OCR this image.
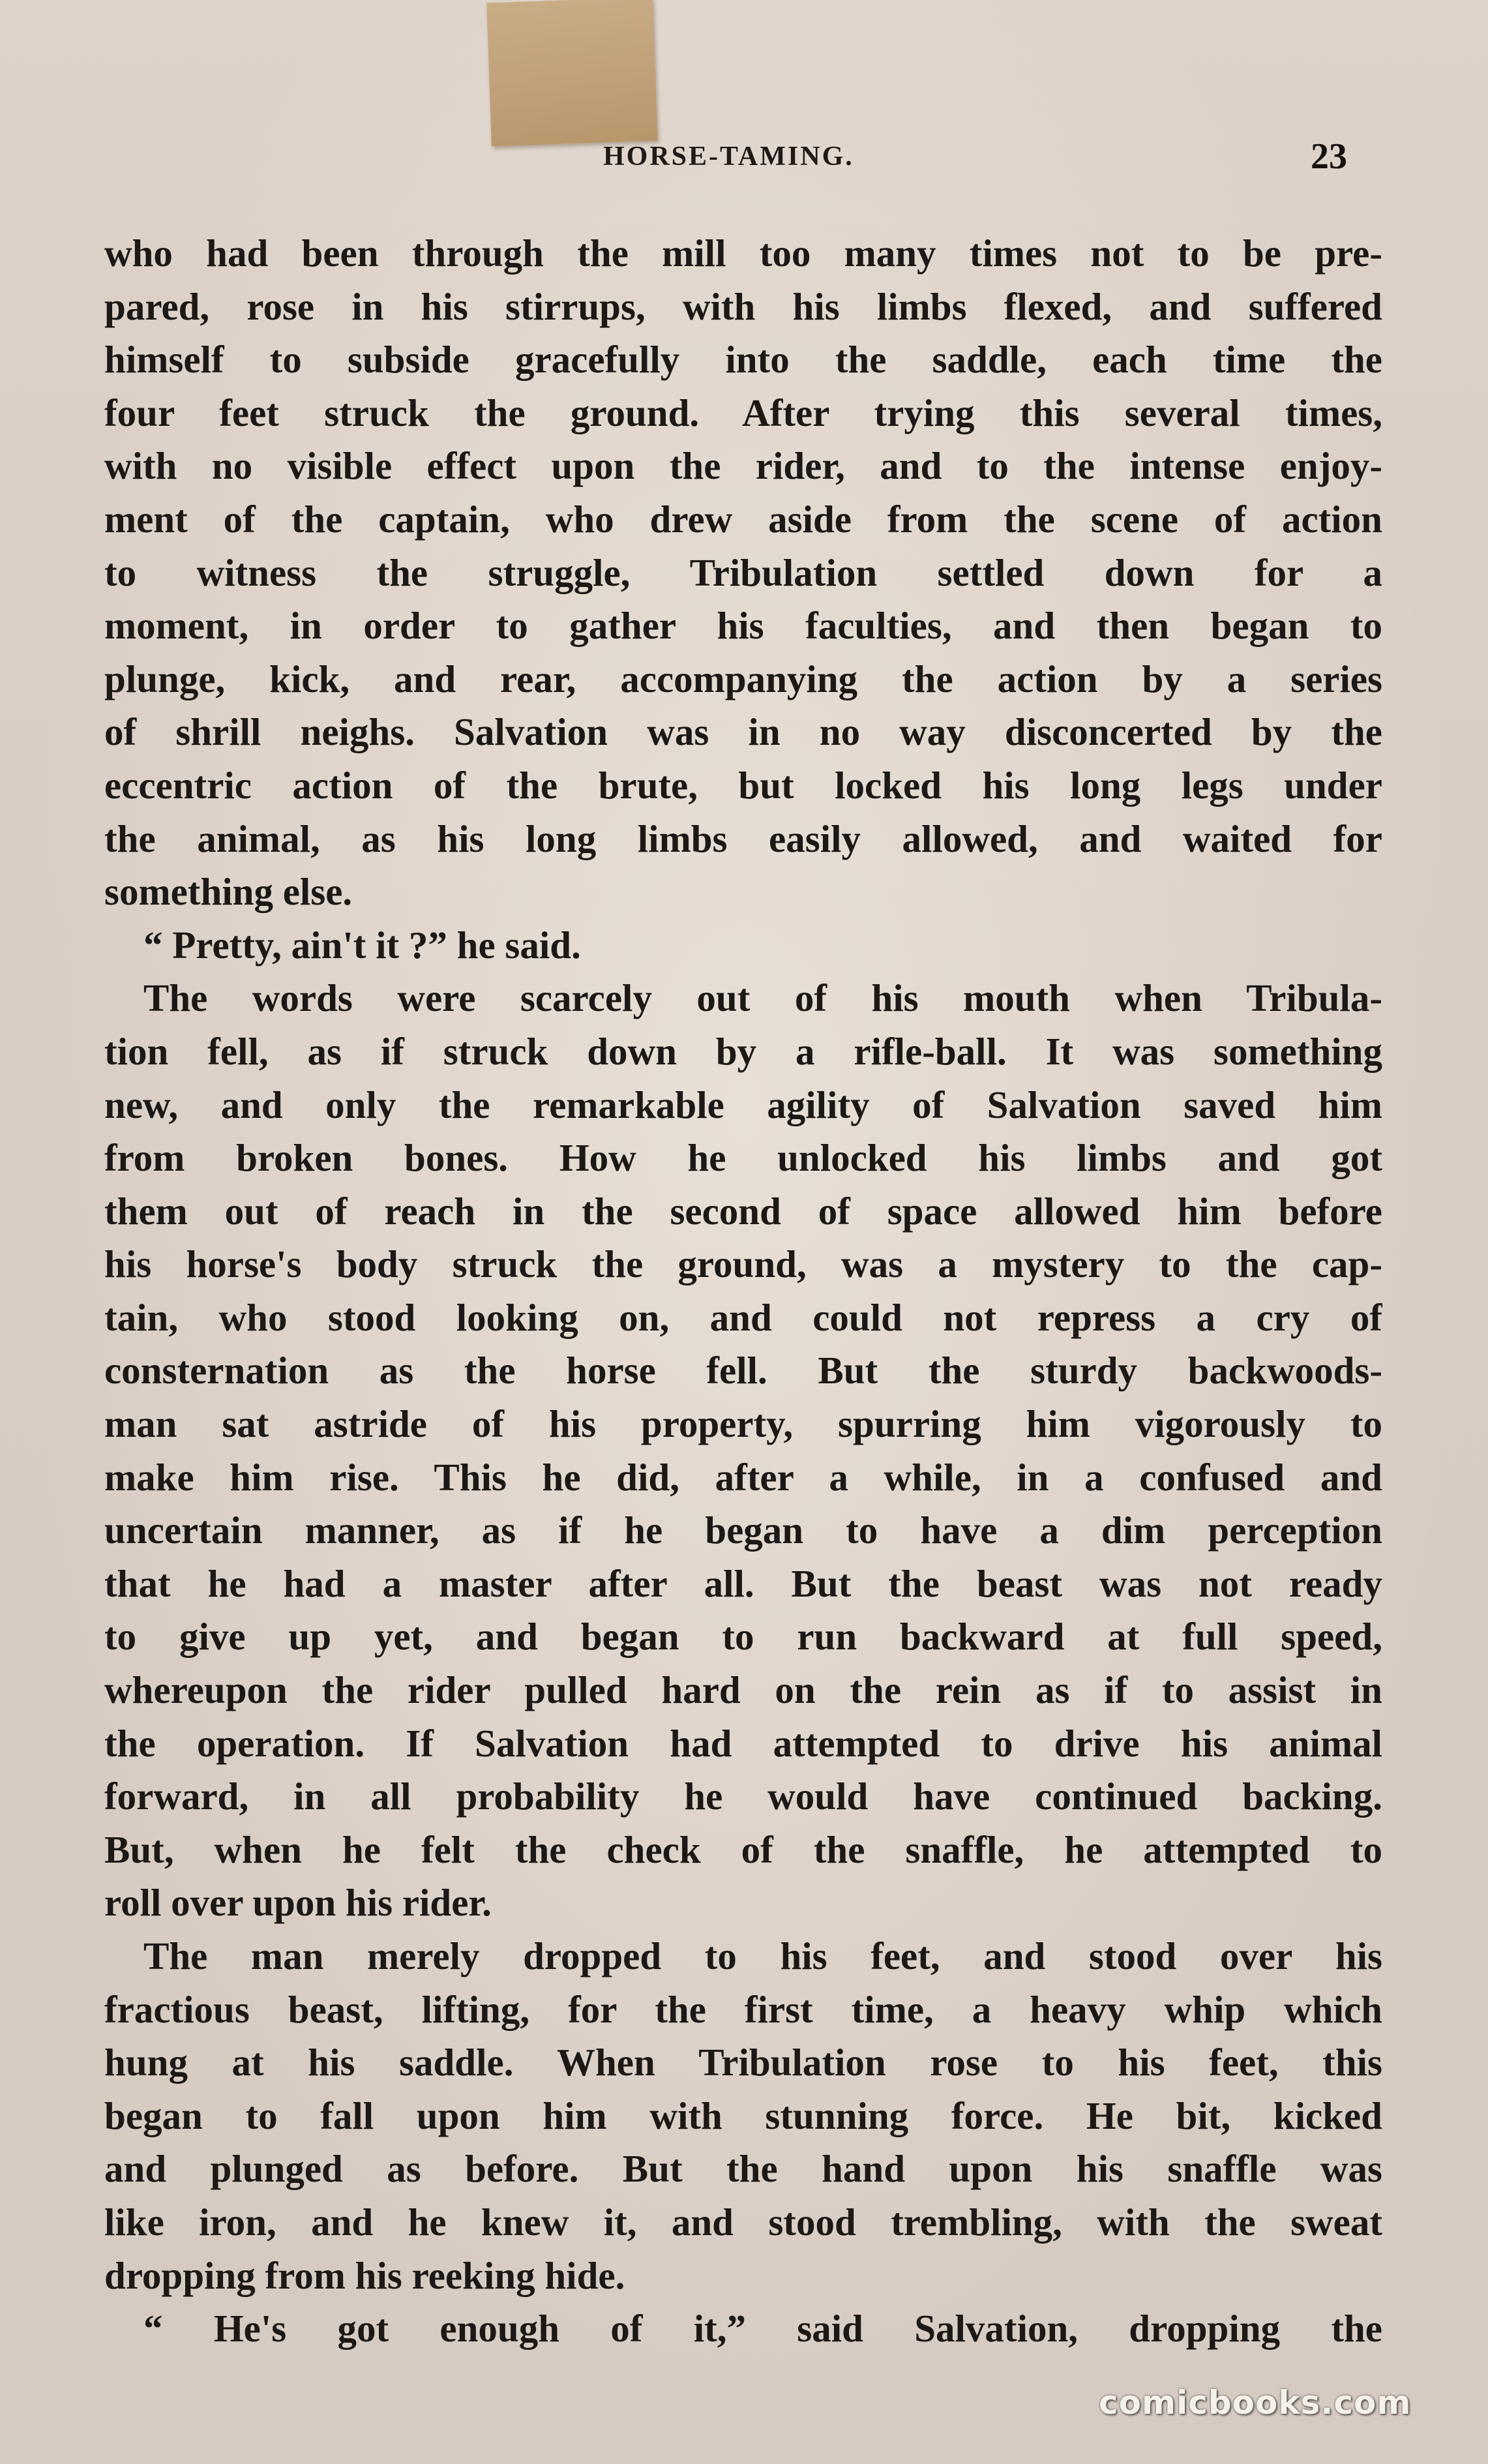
HORSE-TAMING.	23
who had been through the mill too many times not to be pre-
pared, rose in his stirrups, with his limbs flexed, and suffered
himself to subside gracefully into the saddle, each time the
four feet struck the ground. After trying this several times,
with no visible effect upon the rider, and to the intense enjoy-
ment of the captain, who drew aside from the scene of action
to witness the struggle, Tribulation settled down for a
moment, in order to gather his faculties, and then began to
plunge, kick, and rear, accompanying the action by a series
of shrill neighs. Salvation was in no way disconcerted by the
eccentric action of the brute, but locked his long legs under
the animal, as his long limbs easily allowed, and waited for
something else.
“ Pretty, ain't it ?” he said.
The words were scarcely out of his mouth when Tribula-
tion fell, as if struck down by a rifle-ball. It was something
new, and only the remarkable agility of Salvation saved him
from broken bones. How he unlocked his limbs and got
them out of reach in the second of space allowed him before
his horse's body struck the ground, was a mystery to the cap-
tain, who stood looking on, and could not repress a cry of
consternation as the horse fell. But the sturdy backwoods-
man sat astride of his property, spurring him vigorously to
make him rise. This he did, after a while, in a confused and
uncertain manner, as if he began to have a dim perception
that he had a master after all. But the beast was not ready
to give up yet, and began to run backward at full speed,
whereupon the rider pulled hard on the rein as if to assist in
the operation. If Salvation had attempted to drive his animal
forward, in all probability he would have continued backing.
But, when he felt the check of the snaffle, he attempted to
roll over upon his rider.
The man merely dropped to his feet, and stood over his
fractious beast, lifting, for the first time, a heavy whip which
hung at his saddle. When Tribulation rose to his feet, this
began to fall upon him with stunning force. He bit, kicked
and plunged as before. But the hand upon his snaffle was
like iron, and he knew it, and stood trembling, with the sweat
dropping from his reeking hide.
“ He's got enough of it,” said Salvation, dropping the
comicbooks.com
